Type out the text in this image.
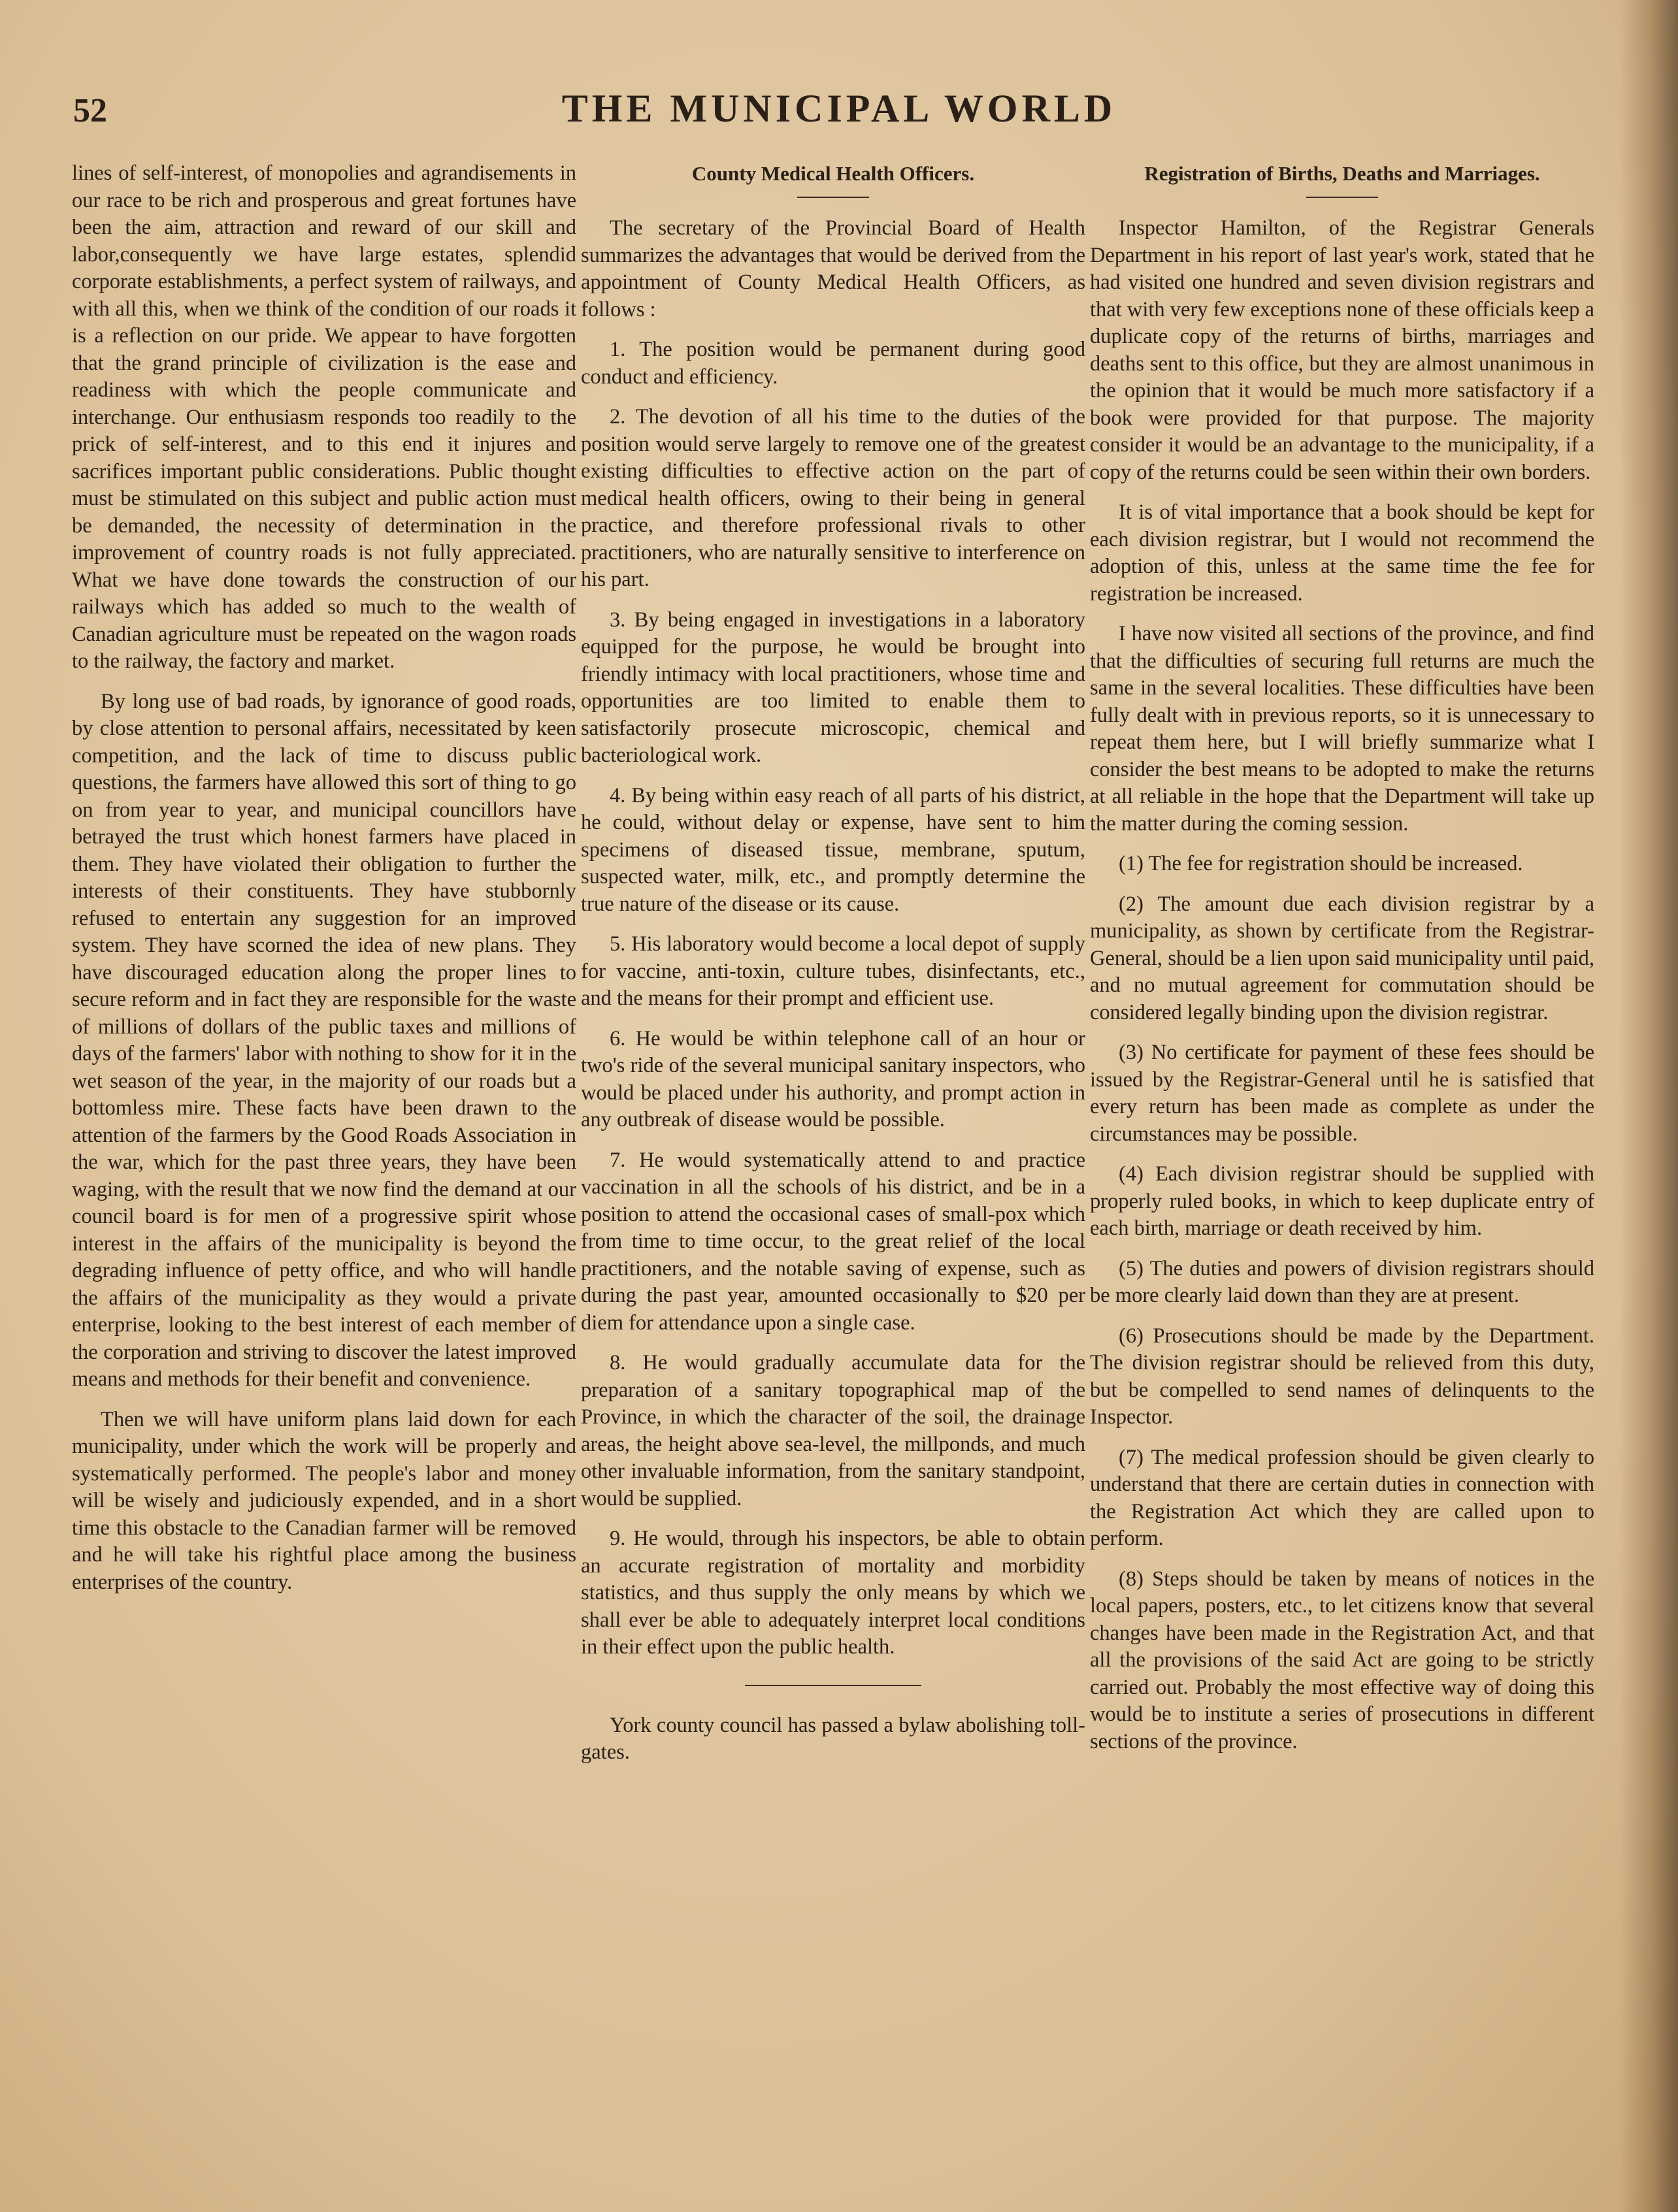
52	THE MUNICIPAL WORLD

lines of self-interest, of monopolies and agrandisements in our race to be rich and prosperous and great fortunes have been the aim, attraction and reward of our skill and labor,consequently we have large estates, splendid corporate establishments, a perfect system of railways, and with all this, when we think of the condition of our roads it is a reflection on our pride. We appear to have forgotten that the grand principle of civilization is the ease and readiness with which the people communicate and interchange. Our enthusiasm responds too readily to the prick of self-interest, and to this end it injures and sacrifices important public considerations. Public thought must be stimulated on this subject and public action must be demanded, the necessity of determination in the improvement of country roads is not fully appreciated. What we have done towards the construction of our railways which has added so much to the wealth of Canadian agriculture must be repeated on the wagon roads to the railway, the factory and market.

By long use of bad roads, by ignorance of good roads, by close attention to personal affairs, necessitated by keen competition, and the lack of time to discuss public questions, the farmers have allowed this sort of thing to go on from year to year, and municipal councillors have betrayed the trust which honest farmers have placed in them. They have violated their obligation to further the interests of their constituents. They have stubbornly refused to entertain any suggestion for an improved system. They have scorned the idea of new plans. They have discouraged education along the proper lines to secure reform and in fact they are responsible for the waste of millions of dollars of the public taxes and millions of days of the farmers' labor with nothing to show for it in the wet season of the year, in the majority of our roads but a bottomless mire. These facts have been drawn to the attention of the farmers by the Good Roads Association in the war, which for the past three years, they have been waging, with the result that we now find the demand at our council board is for men of a progressive spirit whose interest in the affairs of the municipality is beyond the degrading influence of petty office, and who will handle the affairs of the municipality as they would a private enterprise, looking to the best interest of each member of the corporation and striving to discover the latest improved means and methods for their benefit and convenience.

Then we will have uniform plans laid down for each municipality, under which the work will be properly and systematically performed. The people's labor and money will be wisely and judiciously expended, and in a short time this obstacle to the Canadian farmer will be removed and he will take his rightful place among the business enterprises of the country.

County Medical Health Officers.

The secretary of the Provincial Board of Health summarizes the advantages that would be derived from the appointment of County Medical Health Officers, as follows :

1. The position would be permanent during good conduct and efficiency.

2. The devotion of all his time to the duties of the position would serve largely to remove one of the greatest existing difficulties to effective action on the part of medical health officers, owing to their being in general practice, and therefore professional rivals to other practitioners, who are naturally sensitive to interference on his part.

3. By being engaged in investigations in a laboratory equipped for the purpose, he would be brought into friendly intimacy with local practitioners, whose time and opportunities are too limited to enable them to satisfactorily prosecute microscopic, chemical and bacteriological work.

4. By being within easy reach of all parts of his district, he could, without delay or expense, have sent to him specimens of diseased tissue, membrane, sputum, suspected water, milk, etc., and promptly determine the true nature of the disease or its cause.

5. His laboratory would become a local depot of supply for vaccine, anti-toxin, culture tubes, disinfectants, etc., and the means for their prompt and efficient use.

6. He would be within telephone call of an hour or two's ride of the several municipal sanitary inspectors, who would be placed under his authority, and prompt action in any outbreak of disease would be possible.

7. He would systematically attend to and practice vaccination in all the schools of his district, and be in a position to attend the occasional cases of small-pox which from time to time occur, to the great relief of the local practitioners, and the notable saving of expense, such as during the past year, amounted occasionally to $20 per diem for attendance upon a single case.

8. He would gradually accumulate data for the preparation of a sanitary topographical map of the Province, in which the character of the soil, the drainage areas, the height above sea-level, the millponds, and much other invaluable information, from the sanitary standpoint, would be supplied.

9. He would, through his inspectors, be able to obtain an accurate registration of mortality and morbidity statistics, and thus supply the only means by which we shall ever be able to adequately interpret local conditions in their effect upon the public health.

York county council has passed a bylaw abolishing toll-gates.

Registration of Births, Deaths and Marriages.

Inspector Hamilton, of the Registrar Generals Department in his report of last year's work, stated that he had visited one hundred and seven division registrars and that with very few exceptions none of these officials keep a duplicate copy of the returns of births, marriages and deaths sent to this office, but they are almost unanimous in the opinion that it would be much more satisfactory if a book were provided for that purpose. The majority consider it would be an advantage to the municipality, if a copy of the returns could be seen within their own borders.

It is of vital importance that a book should be kept for each division registrar, but I would not recommend the adoption of this, unless at the same time the fee for registration be increased.

I have now visited all sections of the province, and find that the difficulties of securing full returns are much the same in the several localities. These difficulties have been fully dealt with in previous reports, so it is unnecessary to repeat them here, but I will briefly summarize what I consider the best means to be adopted to make the returns at all reliable in the hope that the Department will take up the matter during the coming session.

(1) The fee for registration should be increased.

(2) The amount due each division registrar by a municipality, as shown by certificate from the Registrar-General, should be a lien upon said municipality until paid, and no mutual agreement for commutation should be considered legally binding upon the division registrar.

(3) No certificate for payment of these fees should be issued by the Registrar-General until he is satisfied that every return has been made as complete as under the circumstances may be possible.

(4) Each division registrar should be supplied with properly ruled books, in which to keep duplicate entry of each birth, marriage or death received by him.

(5) The duties and powers of division registrars should be more clearly laid down than they are at present.

(6) Prosecutions should be made by the Department. The division registrar should be relieved from this duty, but be compelled to send names of delinquents to the Inspector.

(7) The medical profession should be given clearly to understand that there are certain duties in connection with the Registration Act which they are called upon to perform.

(8) Steps should be taken by means of notices in the local papers, posters, etc., to let citizens know that several changes have been made in the Registration Act, and that all the provisions of the said Act are going to be strictly carried out. Probably the most effective way of doing this would be to institute a series of prosecutions in different sections of the province.
